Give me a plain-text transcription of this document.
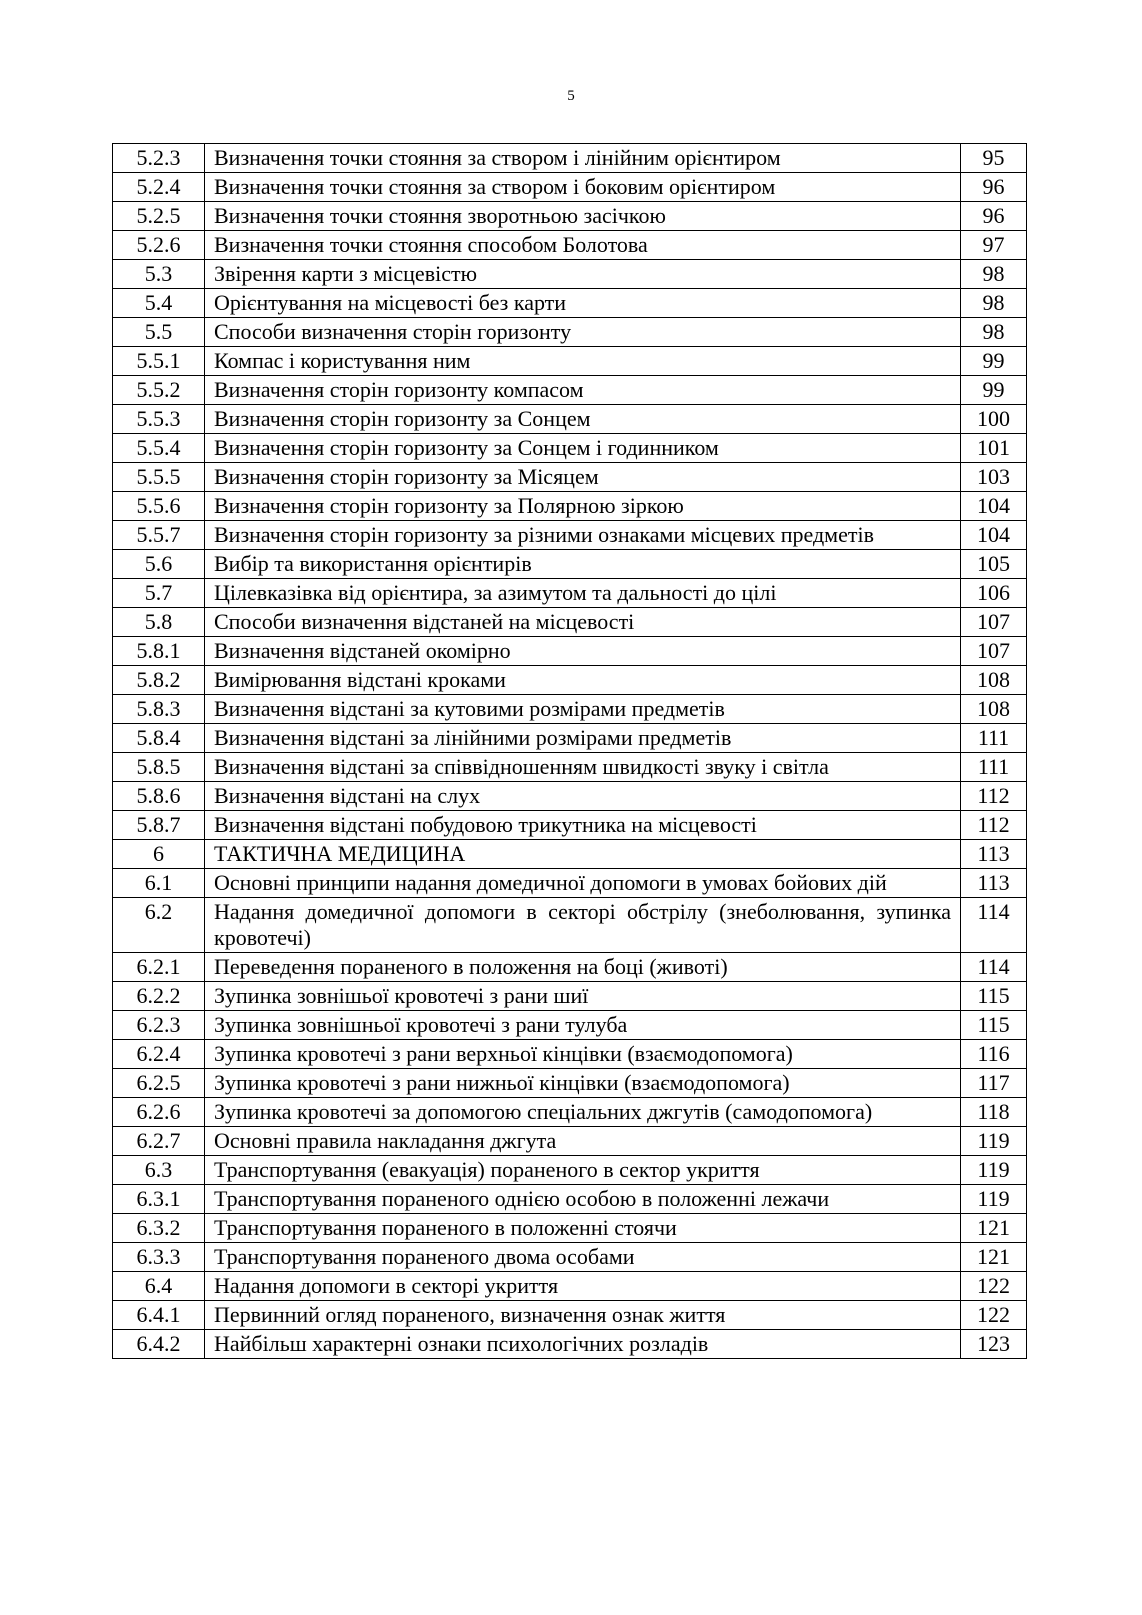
5
5.2.3	Визначення точки стояння за створом і лінійним орієнтиром	95
5.2.4	Визначення точки стояння за створом і боковим орієнтиром	96
5.2.5	Визначення точки стояння зворотньою засічкою	96
5.2.6	Визначення точки стояння способом Болотова	97
5.3	Звірення карти з місцевістю	98
5.4	Орієнтування на місцевості без карти	98
5.5	Способи визначення сторін горизонту	98
5.5.1	Компас і користування ним	99
5.5.2	Визначення сторін горизонту компасом	99
5.5.3	Визначення сторін горизонту за Сонцем	100
5.5.4	Визначення сторін горизонту за Сонцем і годинником	101
5.5.5	Визначення сторін горизонту за Місяцем	103
5.5.6	Визначення сторін горизонту за Полярною зіркою	104
5.5.7	Визначення сторін горизонту за різними ознаками місцевих предметів	104
5.6	Вибір та використання орієнтирів	105
5.7	Цілевказівка від орієнтира, за азимутом та дальності до цілі	106
5.8	Способи визначення відстаней на місцевості	107
5.8.1	Визначення відстаней окомірно	107
5.8.2	Вимірювання відстані кроками	108
5.8.3	Визначення відстані за кутовими розмірами предметів	108
5.8.4	Визначення відстані за лінійними розмірами предметів	111
5.8.5	Визначення відстані за співвідношенням швидкості звуку і світла	111
5.8.6	Визначення відстані на слух	112
5.8.7	Визначення відстані побудовою трикутника на місцевості	112
6	ТАКТИЧНА МЕДИЦИНА	113
6.1	Основні принципи надання домедичної допомоги в умовах бойових дій	113
6.2	Надання домедичної допомоги в секторі обстрілу (знеболювання, зупинка кровотечі)	114
6.2.1	Переведення пораненого в положення на боці (животі)	114
6.2.2	Зупинка зовнішьої кровотечі з рани шиї	115
6.2.3	Зупинка зовнішньої кровотечі з рани тулуба	115
6.2.4	Зупинка кровотечі з рани верхньої кінцівки (взаємодопомога)	116
6.2.5	Зупинка кровотечі з рани нижньої кінцівки (взаємодопомога)	117
6.2.6	Зупинка кровотечі за допомогою спеціальних джгутів (самодопомога)	118
6.2.7	Основні правила накладання джгута	119
6.3	Транспортування (евакуація) пораненого в сектор укриття	119
6.3.1	Транспортування пораненого однією особою в положенні лежачи	119
6.3.2	Транспортування пораненого в положенні стоячи	121
6.3.3	Транспортування пораненого двома особами	121
6.4	Надання допомоги в секторі укриття	122
6.4.1	Первинний огляд пораненого, визначення ознак життя	122
6.4.2	Найбільш характерні ознаки психологічних розладів	123
